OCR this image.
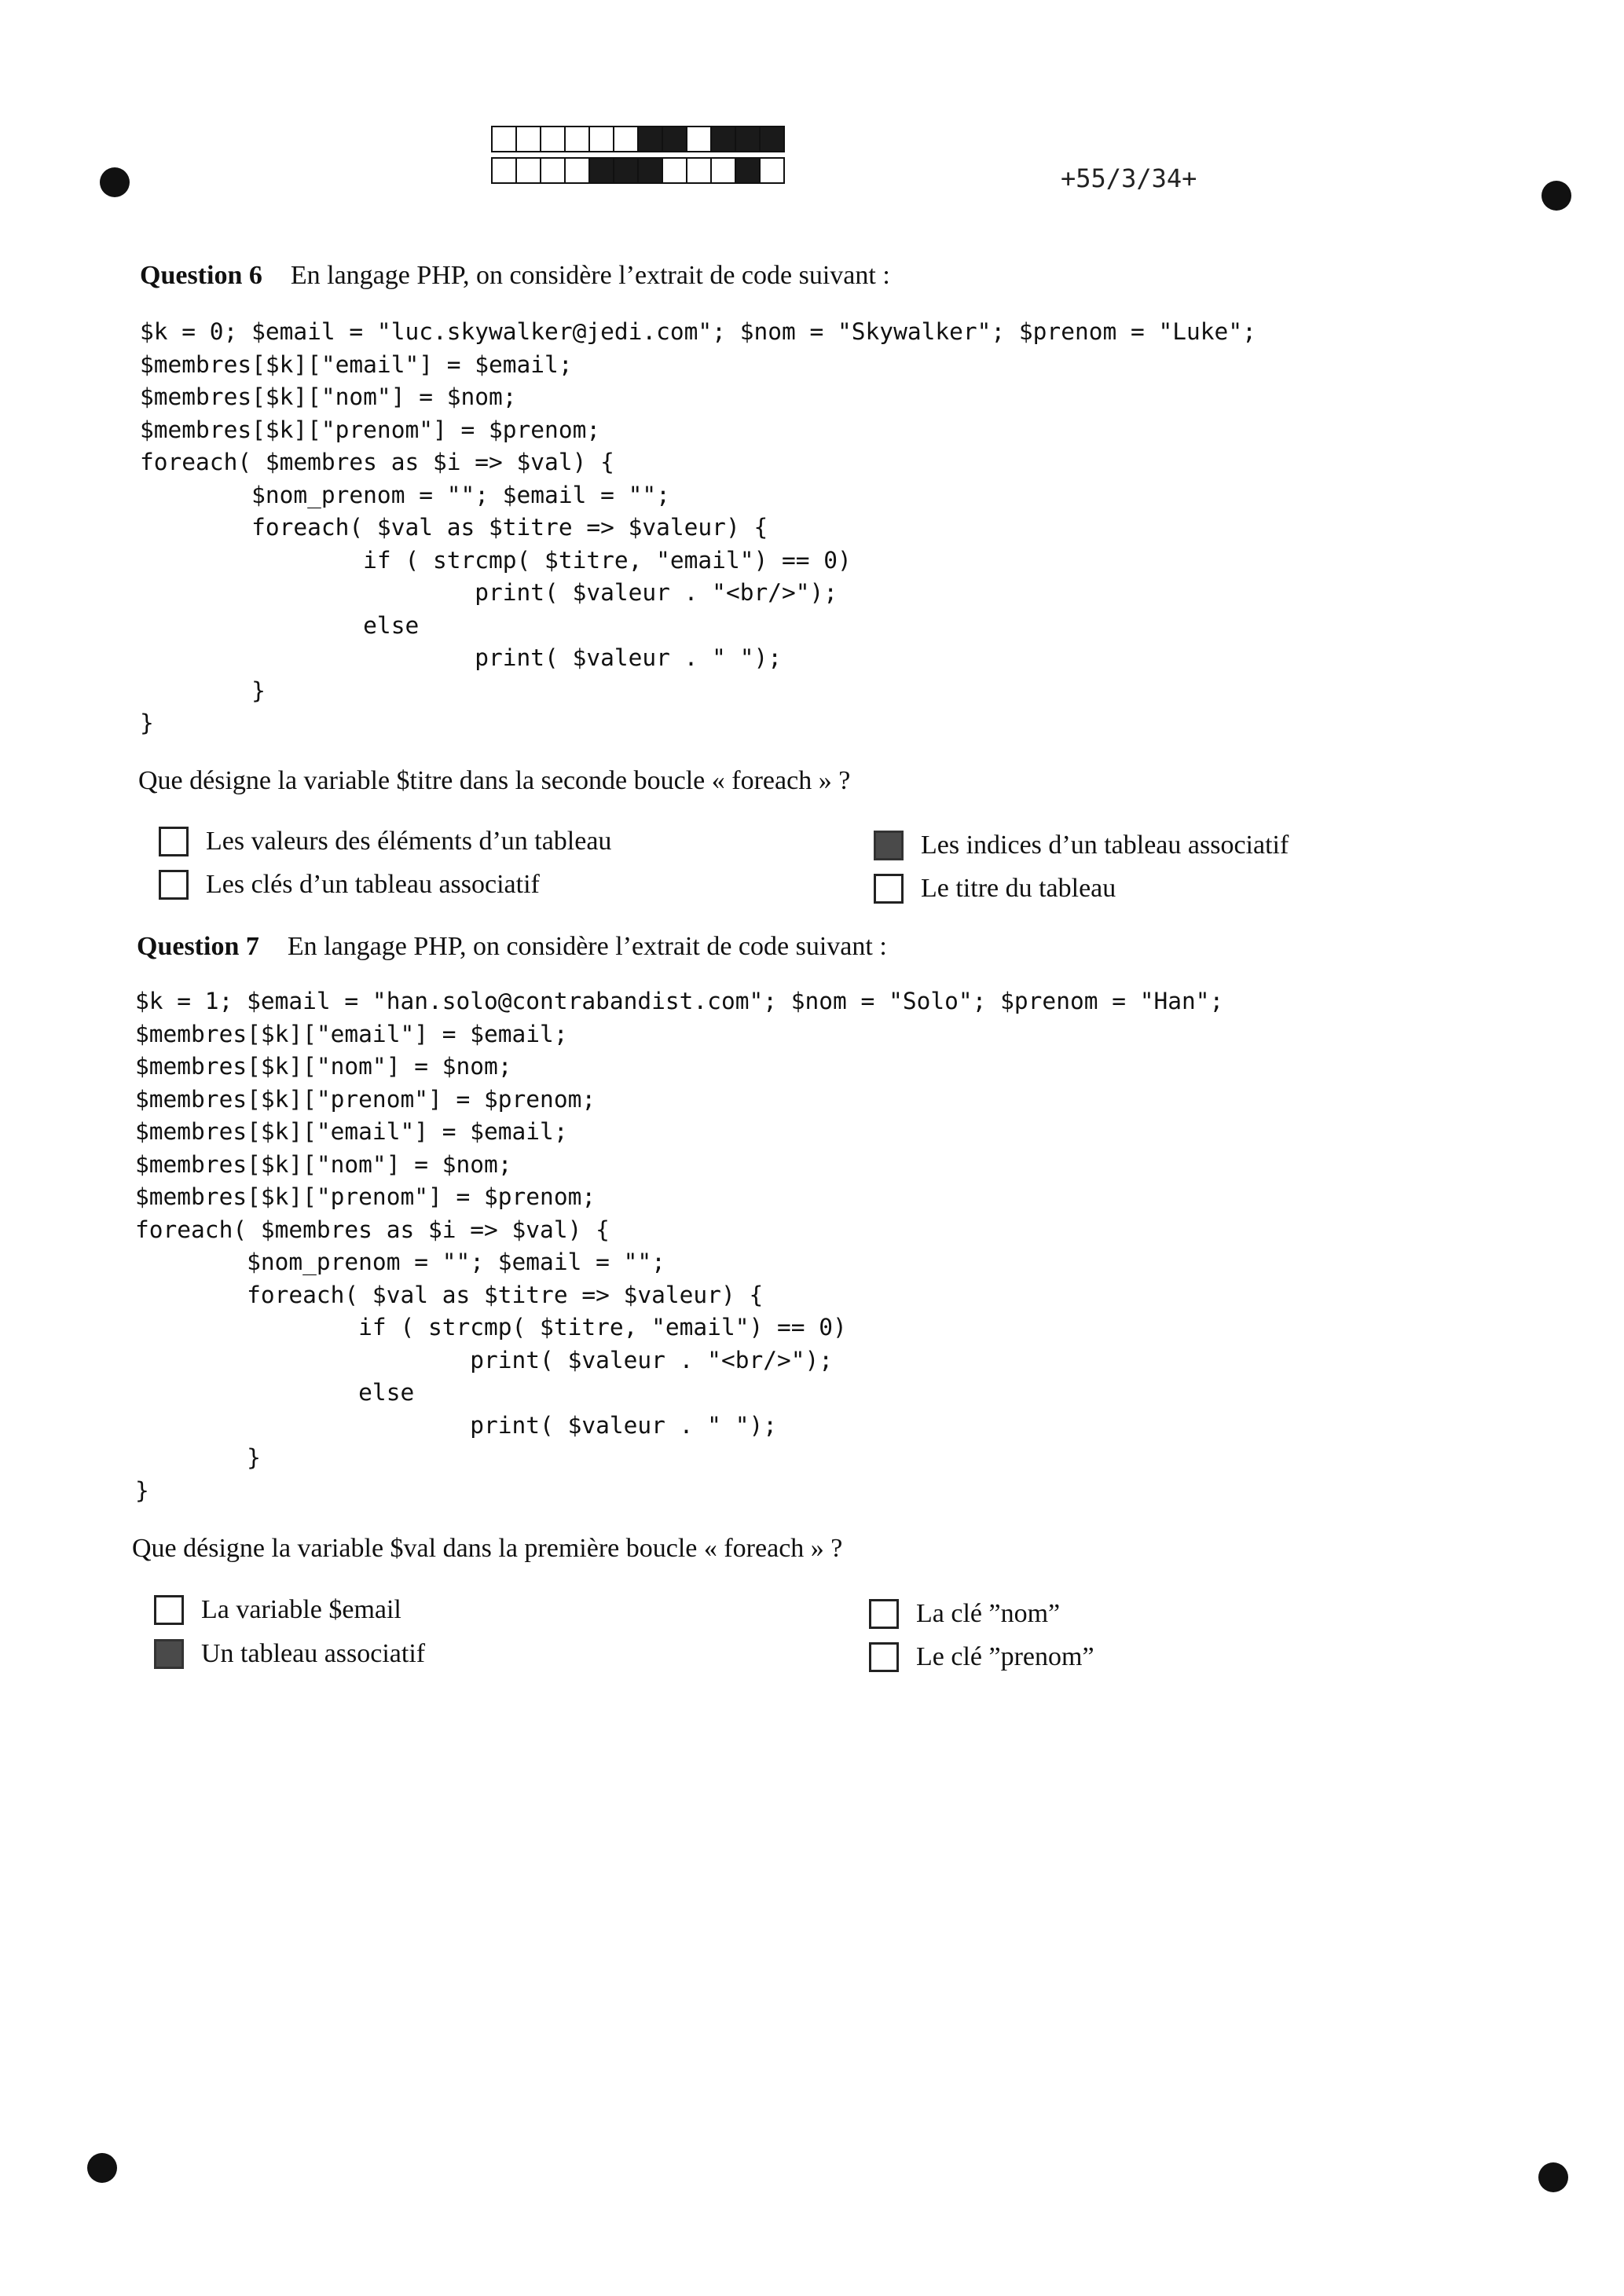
+55/3/34+
Question 6 En langage PHP, on considère l’extrait de code suivant :
$k = 0; $email = "luc.skywalker@jedi.com"; $nom = "Skywalker"; $prenom = "Luke";
$membres[$k]["email"] = $email;
$membres[$k]["nom"] = $nom;
$membres[$k]["prenom"] = $prenom;
foreach( $membres as $i => $val) {
$nom_prenom = ""; $email = "";
foreach( $val as $titre => $valeur) {
if ( strcmp( $titre, "email") == 0)
print( $valeur . "<br/>");
else
print( $valeur . " ");
}
}
Que désigne la variable $titre dans la seconde boucle « foreach » ?
Les valeurs des éléments d’un tableau
Les clés d’un tableau associatif
Les indices d’un tableau associatif
Le titre du tableau
Question 7 En langage PHP, on considère l’extrait de code suivant :
$k = 1; $email = "han.solo@contrabandist.com"; $nom = "Solo"; $prenom = "Han";
$membres[$k]["email"] = $email;
$membres[$k]["nom"] = $nom;
$membres[$k]["prenom"] = $prenom;
$membres[$k]["email"] = $email;
$membres[$k]["nom"] = $nom;
$membres[$k]["prenom"] = $prenom;
foreach( $membres as $i => $val) {
$nom_prenom = ""; $email = "";
foreach( $val as $titre => $valeur) {
if ( strcmp( $titre, "email") == 0)
print( $valeur . "<br/>");
else
print( $valeur . " ");
}
}
Que désigne la variable $val dans la première boucle « foreach » ?
La variable $email
Un tableau associatif
La clé ”nom”
Le clé ”prenom”
